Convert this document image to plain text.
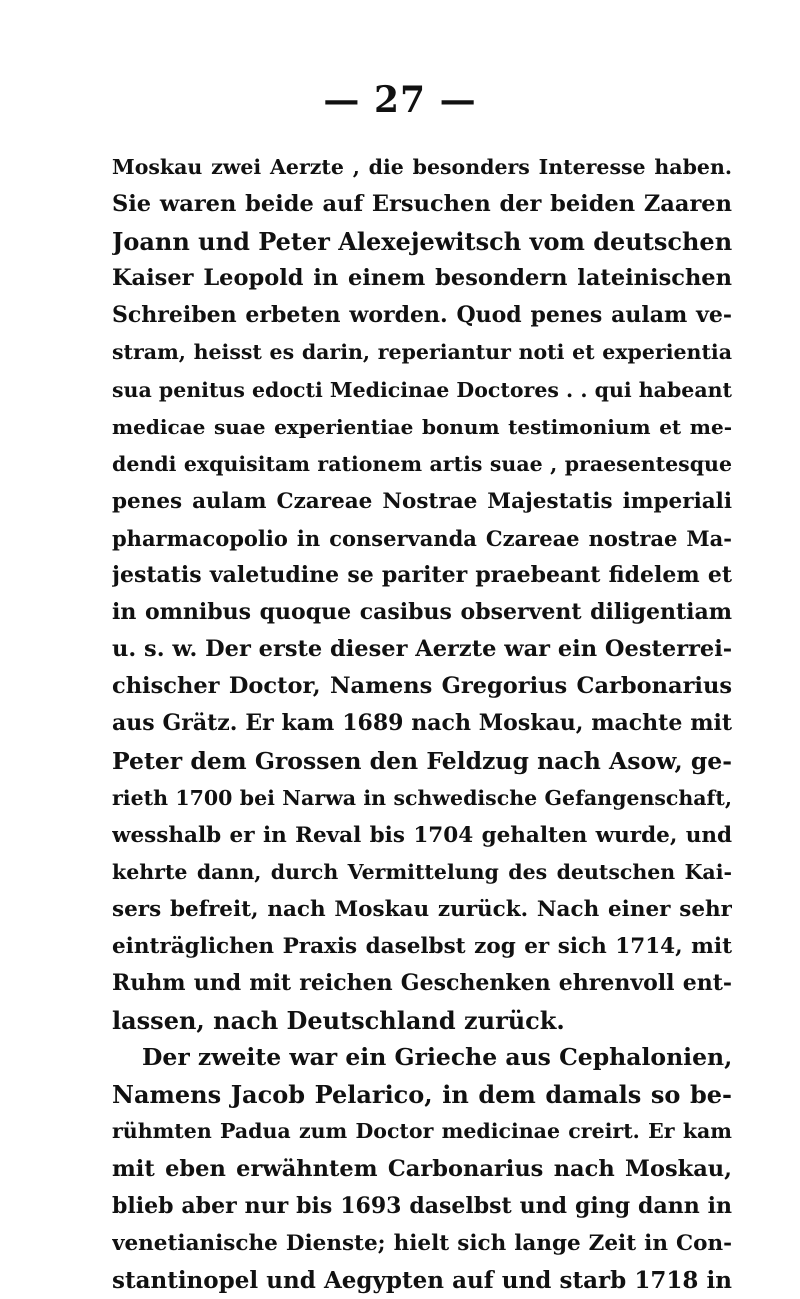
— 27 —
Moskau zwei Aerzte , die besonders Interesse haben.
Sie waren beide auf Ersuchen der beiden Zaaren
Joann und Peter Alexejewitsch vom deutschen
Kaiser Leopold in einem besondern lateinischen
Schreiben erbeten worden. Quod penes aulam ve-
stram, heisst es darin, reperiantur noti et experientia
sua penitus edocti Medicinae Doctores . . qui habeant
medicae suae experientiae bonum testimonium et me-
dendi exquisitam rationem artis suae , praesentesque
penes aulam Czareae Nostrae Majestatis imperiali
pharmacopolio in conservanda Czareae nostrae Ma-
jestatis valetudine se pariter praebeant fidelem et
in omnibus quoque casibus observent diligentiam
u. s. w. Der erste dieser Aerzte war ein Oesterrei-
chischer Doctor, Namens Gregorius Carbonarius
aus Grätz. Er kam 1689 nach Moskau, machte mit
Peter dem Grossen den Feldzug nach Asow, ge-
rieth 1700 bei Narwa in schwedische Gefangenschaft,
wesshalb er in Reval bis 1704 gehalten wurde, und
kehrte dann, durch Vermittelung des deutschen Kai-
sers befreit, nach Moskau zurück. Nach einer sehr
einträglichen Praxis daselbst zog er sich 1714, mit
Ruhm und mit reichen Geschenken ehrenvoll ent-
lassen, nach Deutschland zurück.
Der zweite war ein Grieche aus Cephalonien,
Namens Jacob Pelarico, in dem damals so be-
rühmten Padua zum Doctor medicinae creirt. Er kam
mit eben erwähntem Carbonarius nach Moskau,
blieb aber nur bis 1693 daselbst und ging dann in
venetianische Dienste; hielt sich lange Zeit in Con-
stantinopel und Aegypten auf und starb 1718 in
